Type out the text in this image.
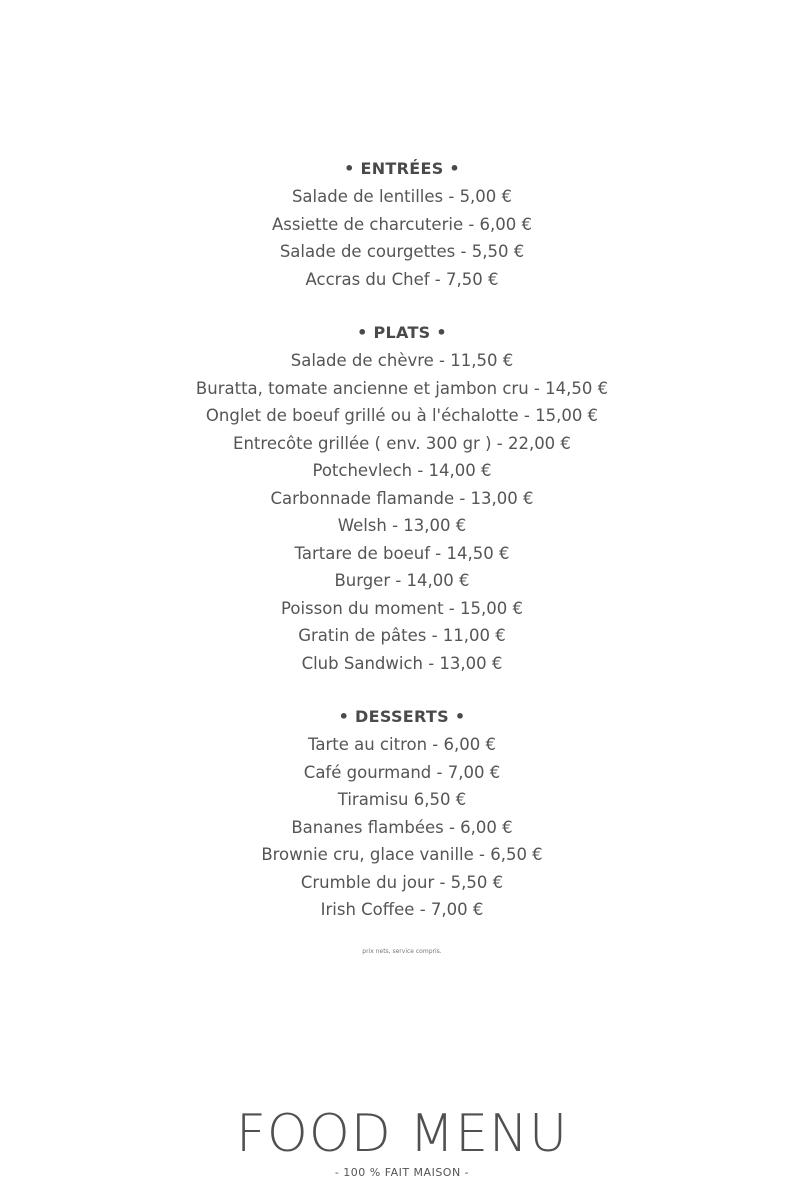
• ENTRÉES •
Salade de lentilles - 5,00 €
Assiette de charcuterie - 6,00 €
Salade de courgettes - 5,50 €
Accras du Chef - 7,50 €
• PLATS •
Salade de chèvre - 11,50 €
Buratta, tomate ancienne et jambon cru - 14,50 €
Onglet de boeuf grillé ou à l'échalotte - 15,00 €
Entrecôte grillée ( env. 300 gr ) - 22,00 €
Potchevlech - 14,00 €
Carbonnade flamande - 13,00 €
Welsh - 13,00 €
Tartare de boeuf - 14,50 €
Burger - 14,00 €
Poisson du moment - 15,00 €
Gratin de pâtes - 11,00 €
Club Sandwich - 13,00 €
• DESSERTS •
Tarte au citron - 6,00 €
Café gourmand - 7,00 €
Tiramisu 6,50 €
Bananes flambées - 6,00 €
Brownie cru, glace vanille - 6,50 €
Crumble du jour - 5,50 €
Irish Coffee - 7,00 €
prix nets, service compris.
FOOD MENU
- 100 % FAIT MAISON -
